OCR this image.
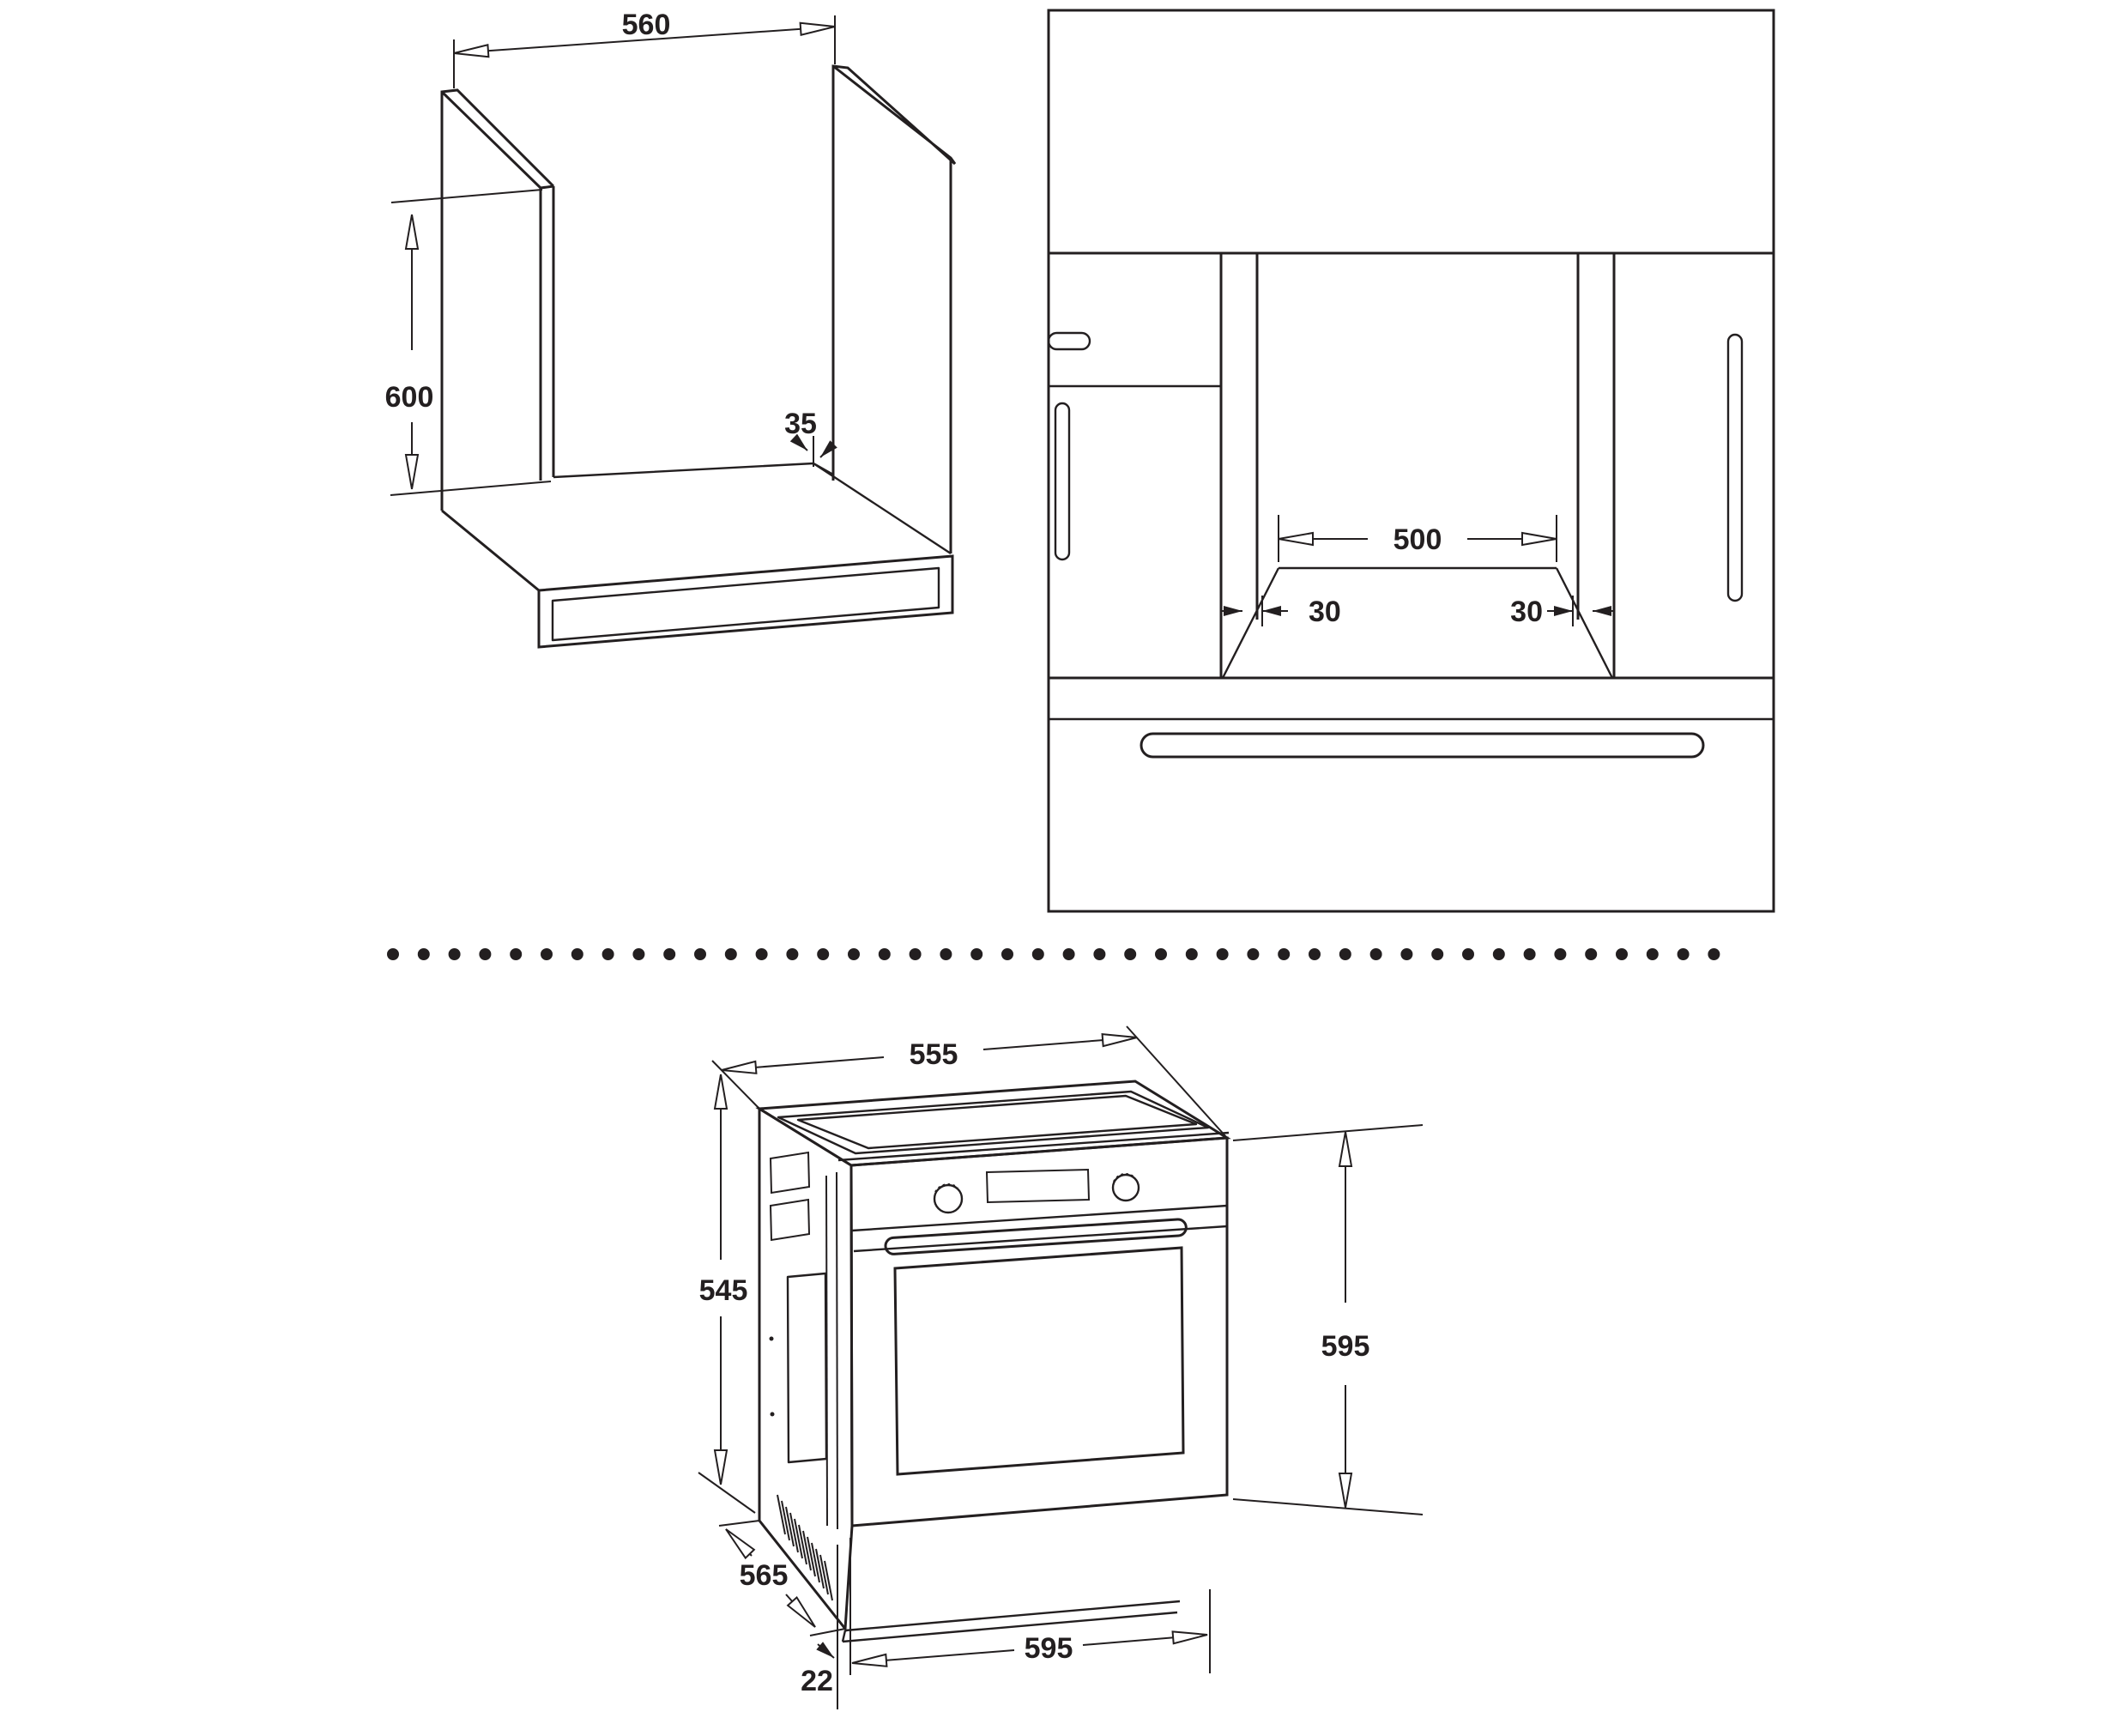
560
600
35
500
30	30
555
545
565
22
595
595
